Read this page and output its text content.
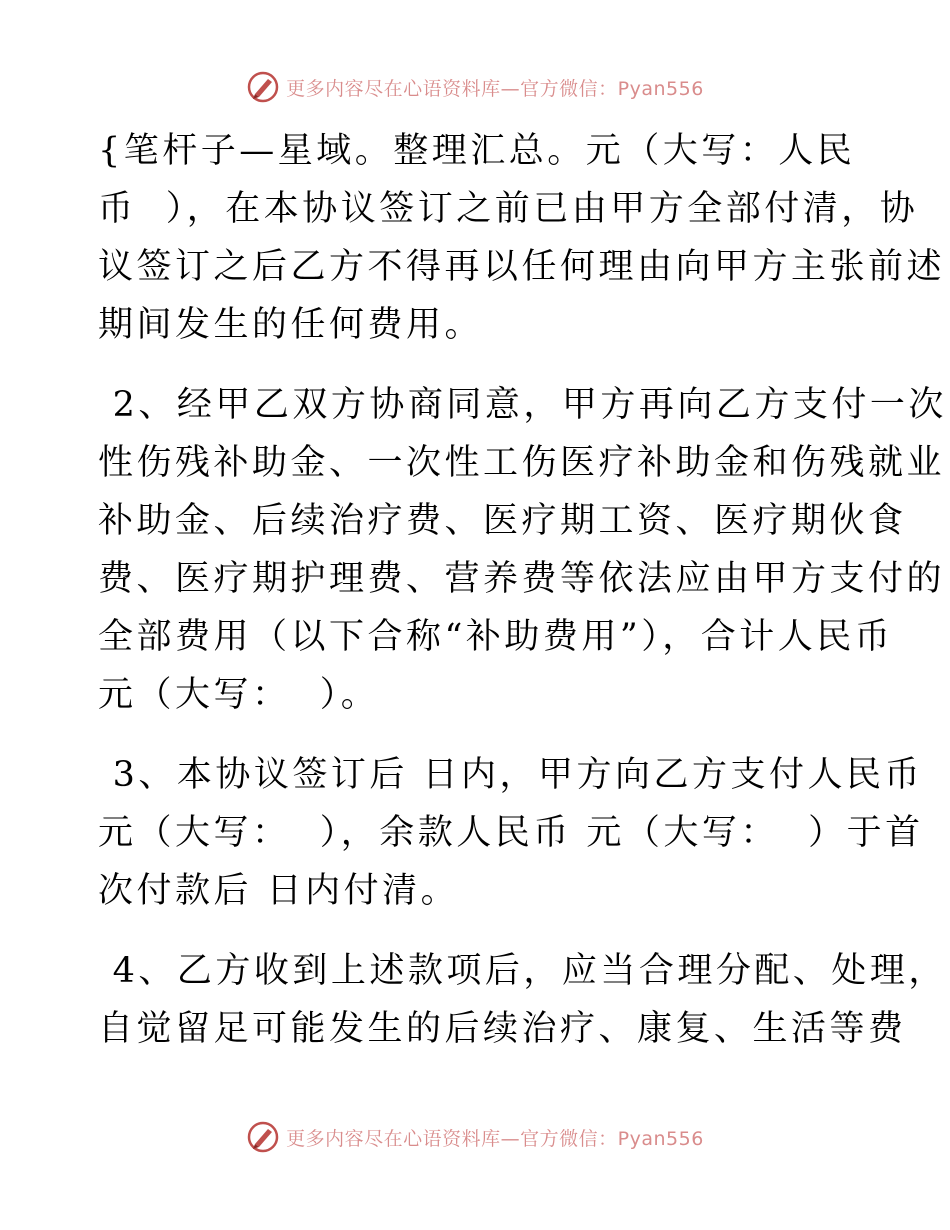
更多内容尽在心语资料库—官方微信：Pyan556
{笔杆子—星域。整理汇总。元（大写：人民
币  ），在本协议签订之前已由甲方全部付清，协
议签订之后乙方不得再以任何理由向甲方主张前述
期间发生的任何费用。
2、经甲乙双方协商同意，甲方再向乙方支付一次
性伤残补助金、一次性工伤医疗补助金和伤残就业
补助金、后续治疗费、医疗期工资、医疗期伙食
费、医疗期护理费、营养费等依法应由甲方支付的
全部费用（以下合称“补助费用”），合计人民币
元（大写：  ）。
3、本协议签订后 日内，甲方向乙方支付人民币
元（大写：  ），余款人民币 元（大写：  ）于首
次付款后 日内付清。
4、乙方收到上述款项后，应当合理分配、处理，
自觉留足可能发生的后续治疗、康复、生活等费
更多内容尽在心语资料库—官方微信：Pyan556
